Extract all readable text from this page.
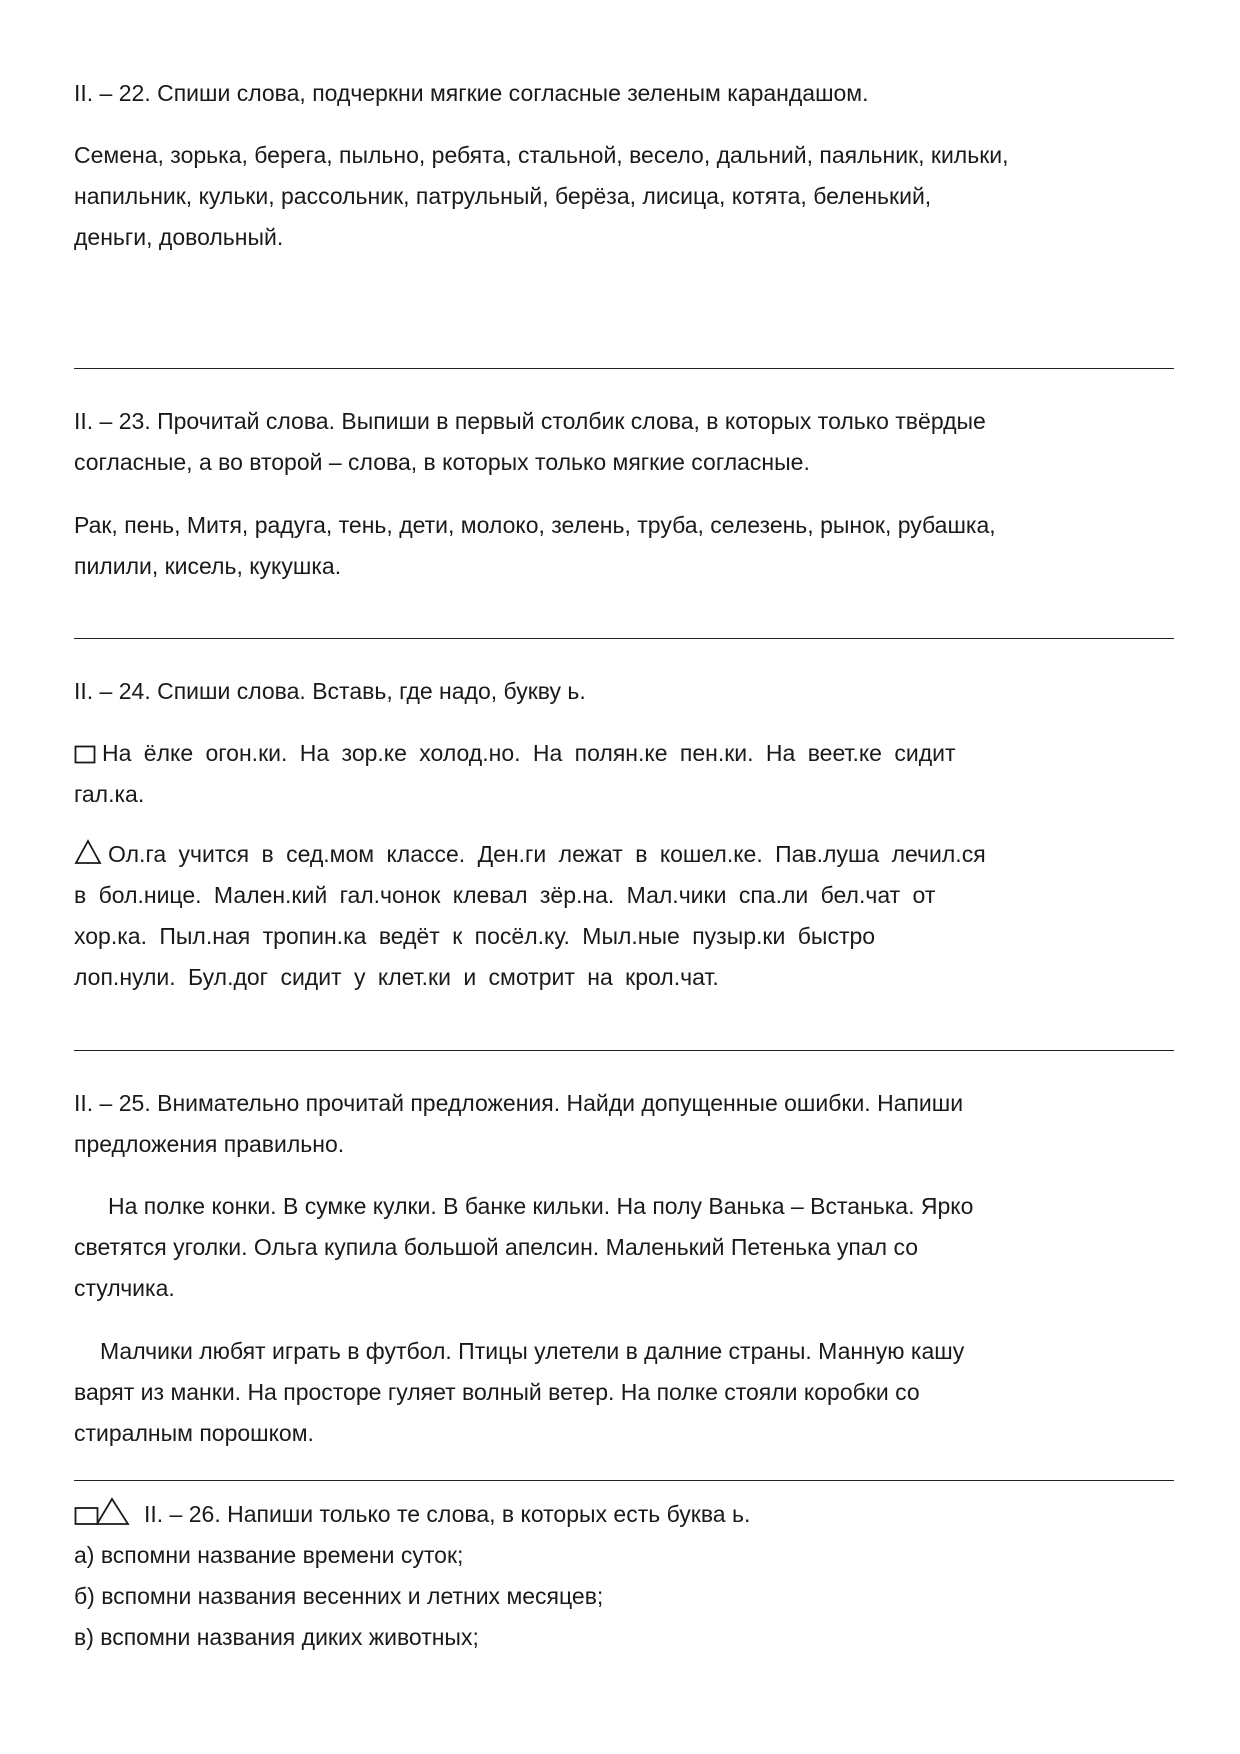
II. – 22. Спиши слова, подчеркни мягкие согласные зеленым карандашом.

Семена, зорька, берега, пыльно, ребята, стальной, весело, дальний, паяльник, кильки,
напильник, кульки, рассольник, патрульный, берёза, лисица, котята, беленький,
деньги, довольный.

II. – 23. Прочитай слова. Выпиши в первый столбик слова, в которых только твёрдые
согласные, а во второй – слова, в которых только мягкие согласные.

Рак, пень, Митя, радуга, тень, дети, молоко, зелень, труба, селезень, рынок, рубашка,
пилили, кисель, кукушка.

II. – 24. Спиши слова. Вставь, где надо, букву ь.

На ёлке огон.ки. На зор.ке холод.но. На полян.ке пен.ки. На веет.ке сидит
гал.ка.

Ол.га учится в сед.мом классе. Ден.ги лежат в кошел.ке. Пав.луша лечил.ся
в бол.нице. Мален.кий гал.чонок клевал зёр.на. Мал.чики спа.ли бел.чат от
хор.ка. Пыл.ная тропин.ка ведёт к посёл.ку. Мыл.ные пузыр.ки быстро
лоп.нули. Бул.дог сидит у клет.ки и смотрит на крол.чат.

II. – 25. Внимательно прочитай предложения. Найди допущенные ошибки. Напиши
предложения правильно.

На полке конки. В сумке кулки. В банке кильки. На полу Ванька – Встанька. Ярко
светятся уголки. Ольга купила большой апелсин. Маленький Петенька упал со
стулчика.

Малчики любят играть в футбол. Птицы улетели в далние страны. Манную кашу
варят из манки. На просторе гуляет волный ветер. На полке стояли коробки со
стиралным порошком.

II. – 26. Напиши только те слова, в которых есть буква ь.
а) вспомни название времени суток;
б) вспомни названия весенних и летних месяцев;
в) вспомни названия диких животных;
